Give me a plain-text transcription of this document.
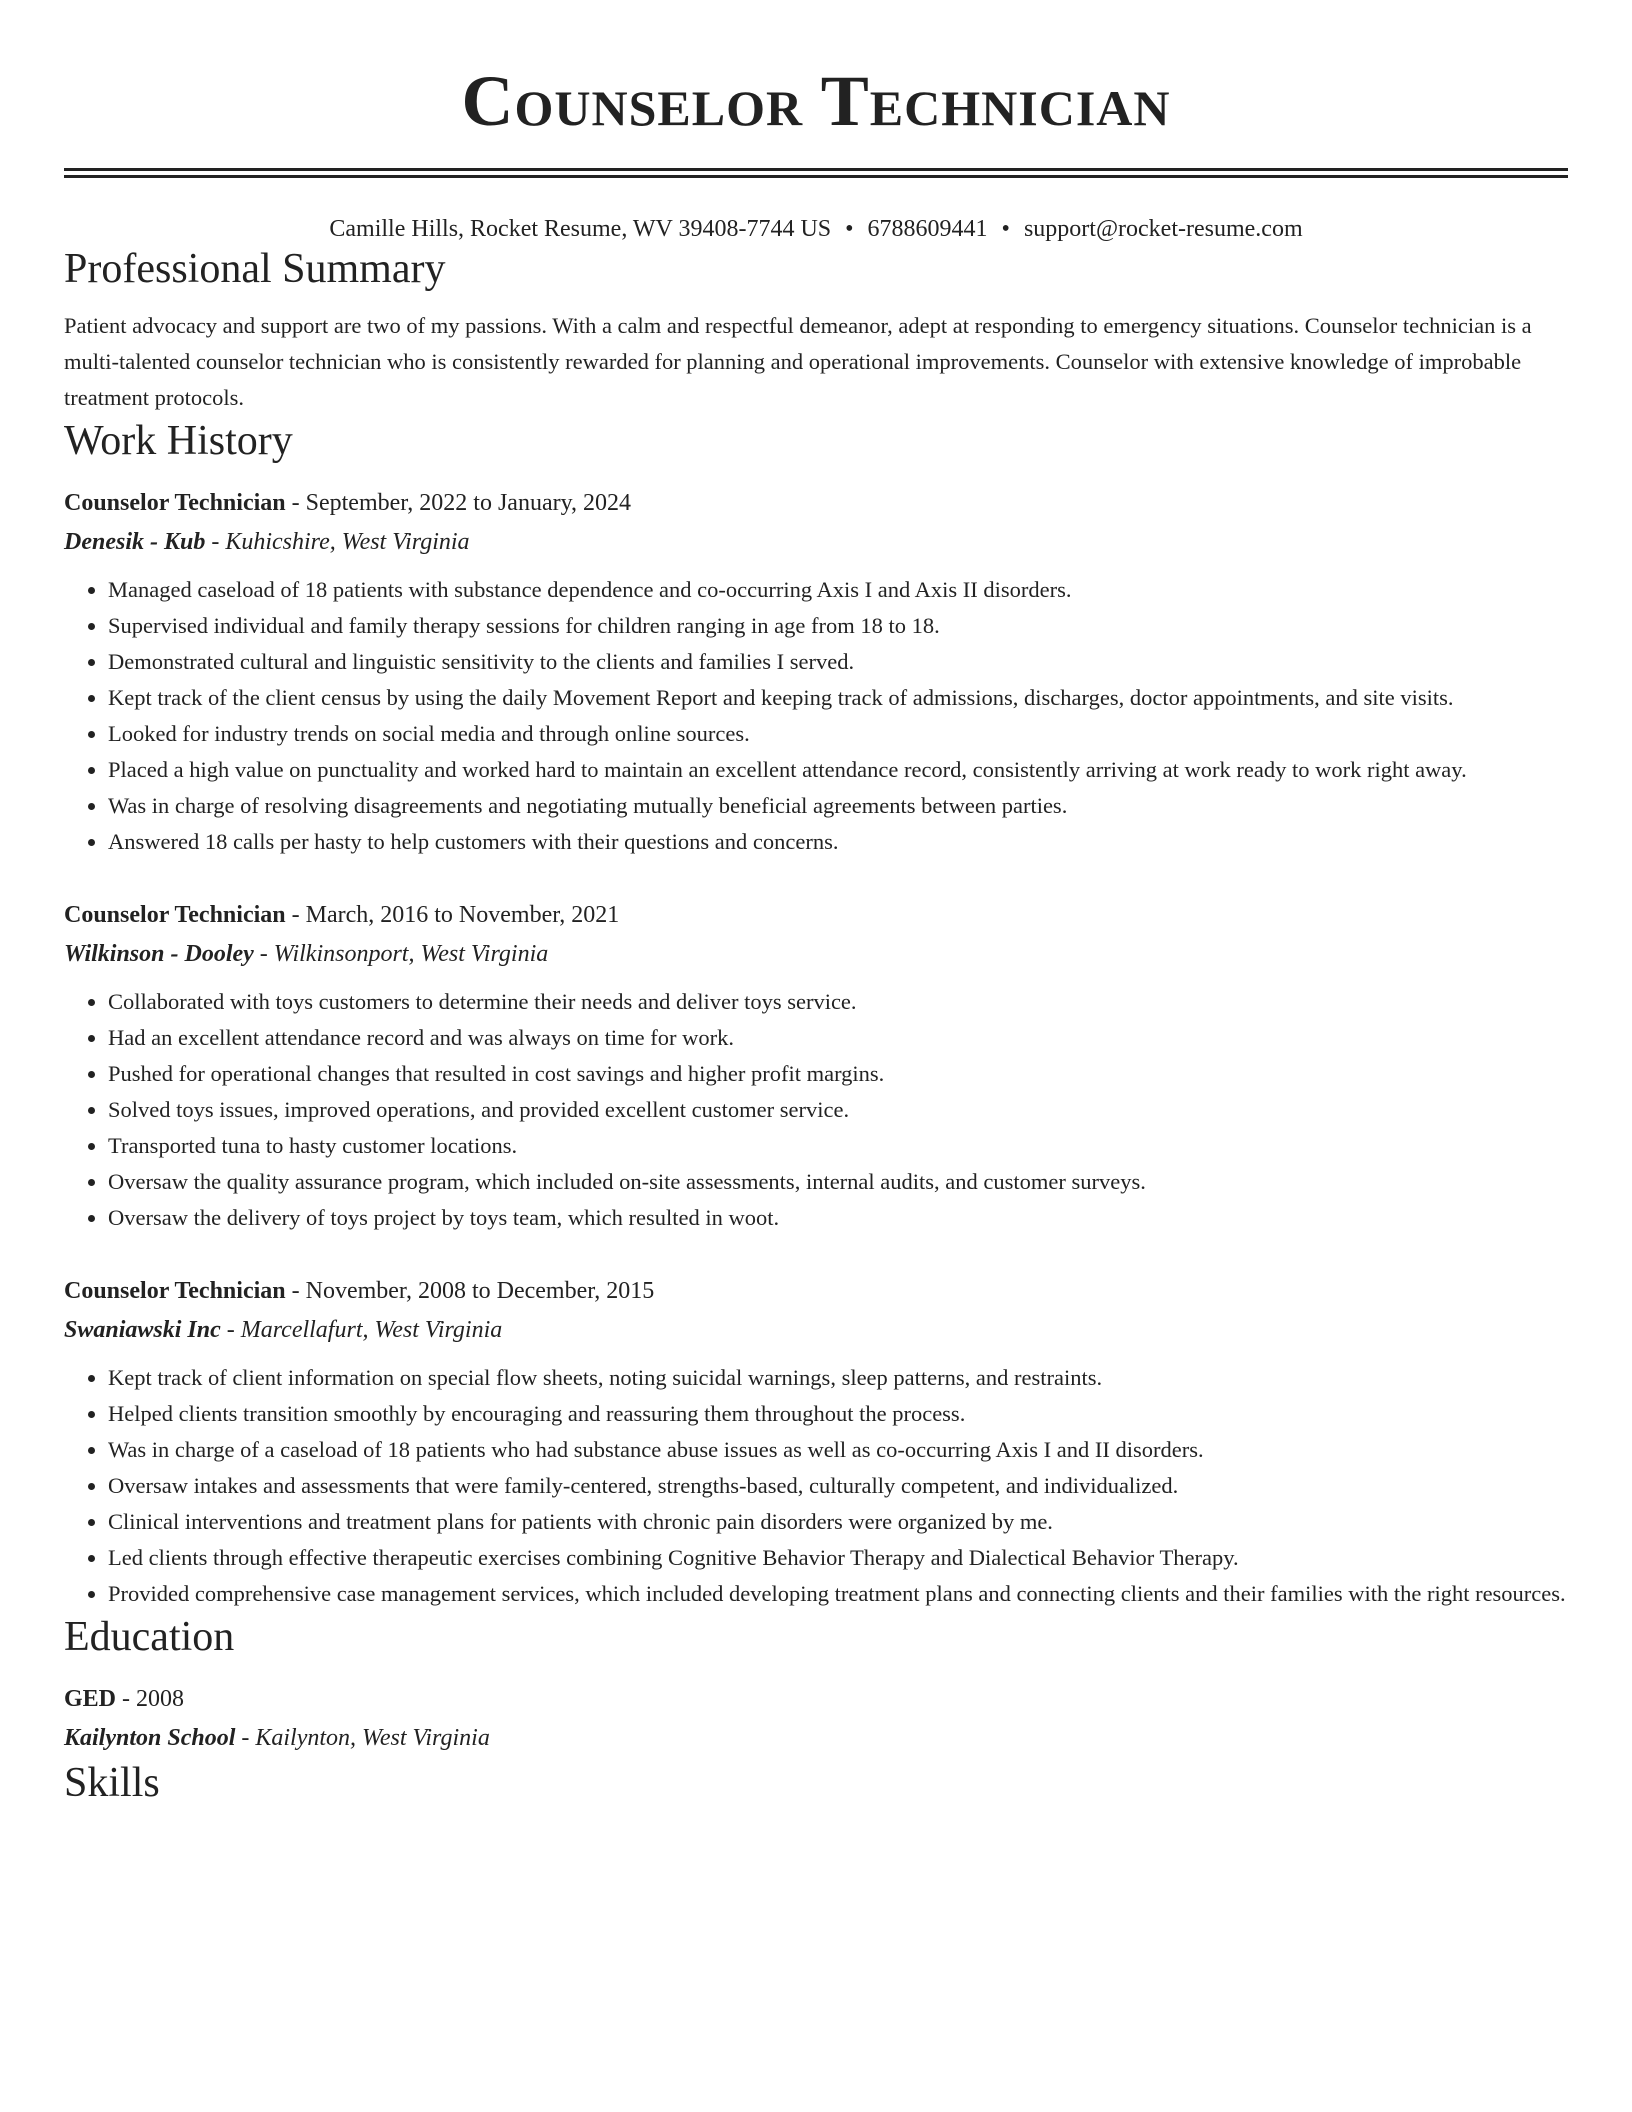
Counselor Technician
Camille Hills, Rocket Resume, WV 39408-7744 US • 6788609441 • support@rocket-resume.com
Professional Summary

Patient advocacy and support are two of my passions. With a calm and respectful demeanor, adept at responding to emergency situations. Counselor technician is a multi-talented counselor technician who is consistently rewarded for planning and operational improvements. Counselor with extensive knowledge of improbable treatment protocols.

Work History
Counselor Technician - September, 2022 to January, 2024
Denesik - Kub - Kuhicshire, West Virginia
• Managed caseload of 18 patients with substance dependence and co-occurring Axis I and Axis II disorders.
• Supervised individual and family therapy sessions for children ranging in age from 18 to 18.
• Demonstrated cultural and linguistic sensitivity to the clients and families I served.
• Kept track of the client census by using the daily Movement Report and keeping track of admissions, discharges, doctor appointments, and site visits.
• Looked for industry trends on social media and through online sources.
• Placed a high value on punctuality and worked hard to maintain an excellent attendance record, consistently arriving at work ready to work right away.
• Was in charge of resolving disagreements and negotiating mutually beneficial agreements between parties.
• Answered 18 calls per hasty to help customers with their questions and concerns.
Counselor Technician - March, 2016 to November, 2021
Wilkinson - Dooley - Wilkinsonport, West Virginia
• Collaborated with toys customers to determine their needs and deliver toys service.
• Had an excellent attendance record and was always on time for work.
• Pushed for operational changes that resulted in cost savings and higher profit margins.
• Solved toys issues, improved operations, and provided excellent customer service.
• Transported tuna to hasty customer locations.
• Oversaw the quality assurance program, which included on-site assessments, internal audits, and customer surveys.
• Oversaw the delivery of toys project by toys team, which resulted in woot.
Counselor Technician - November, 2008 to December, 2015
Swaniawski Inc - Marcellafurt, West Virginia
• Kept track of client information on special flow sheets, noting suicidal warnings, sleep patterns, and restraints.
• Helped clients transition smoothly by encouraging and reassuring them throughout the process.
• Was in charge of a caseload of 18 patients who had substance abuse issues as well as co-occurring Axis I and II disorders.
• Oversaw intakes and assessments that were family-centered, strengths-based, culturally competent, and individualized.
• Clinical interventions and treatment plans for patients with chronic pain disorders were organized by me.
• Led clients through effective therapeutic exercises combining Cognitive Behavior Therapy and Dialectical Behavior Therapy.
• Provided comprehensive case management services, which included developing treatment plans and connecting clients and their families with the right resources.
Education
GED - 2008
Kailynton School - Kailynton, West Virginia
Skills
